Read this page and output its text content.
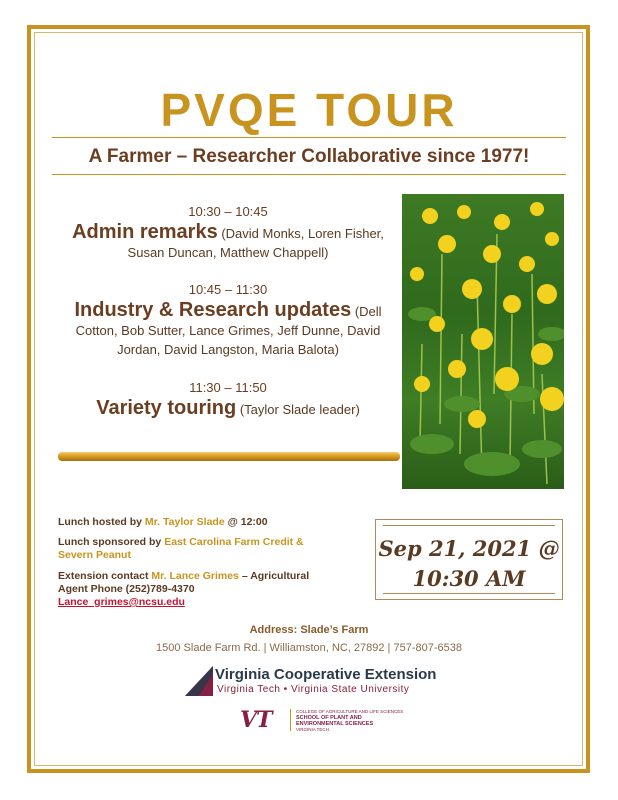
PVQE TOUR
A Farmer – Researcher Collaborative since 1977!
10:30 – 10:45
Admin remarks (David Monks, Loren Fisher, Susan Duncan, Matthew Chappell)
10:45 – 11:30
Industry & Research updates (Dell Cotton, Bob Sutter, Lance Grimes, Jeff Dunne, David Jordan, David Langston, Maria Balota)
11:30 – 11:50
Variety touring (Taylor Slade leader)
Lunch hosted by Mr. Taylor Slade @ 12:00
Lunch sponsored by East Carolina Farm Credit & Severn Peanut
Extension contact Mr. Lance Grimes – Agricultural Agent Phone (252)789-4370
Lance_grimes@ncsu.edu
Sep 21, 2021 @
10:30 AM
Address: Slade’s Farm
1500 Slade Farm Rd. | Williamston, NC, 27892 | 757-807-6538
Virginia Cooperative Extension
Virginia Tech • Virginia State University
VT	COLLEGE OF AGRICULTURE AND LIFE SCIENCES
SCHOOL OF PLANT AND
ENVIRONMENTAL SCIENCES
VIRGINIA TECH.
